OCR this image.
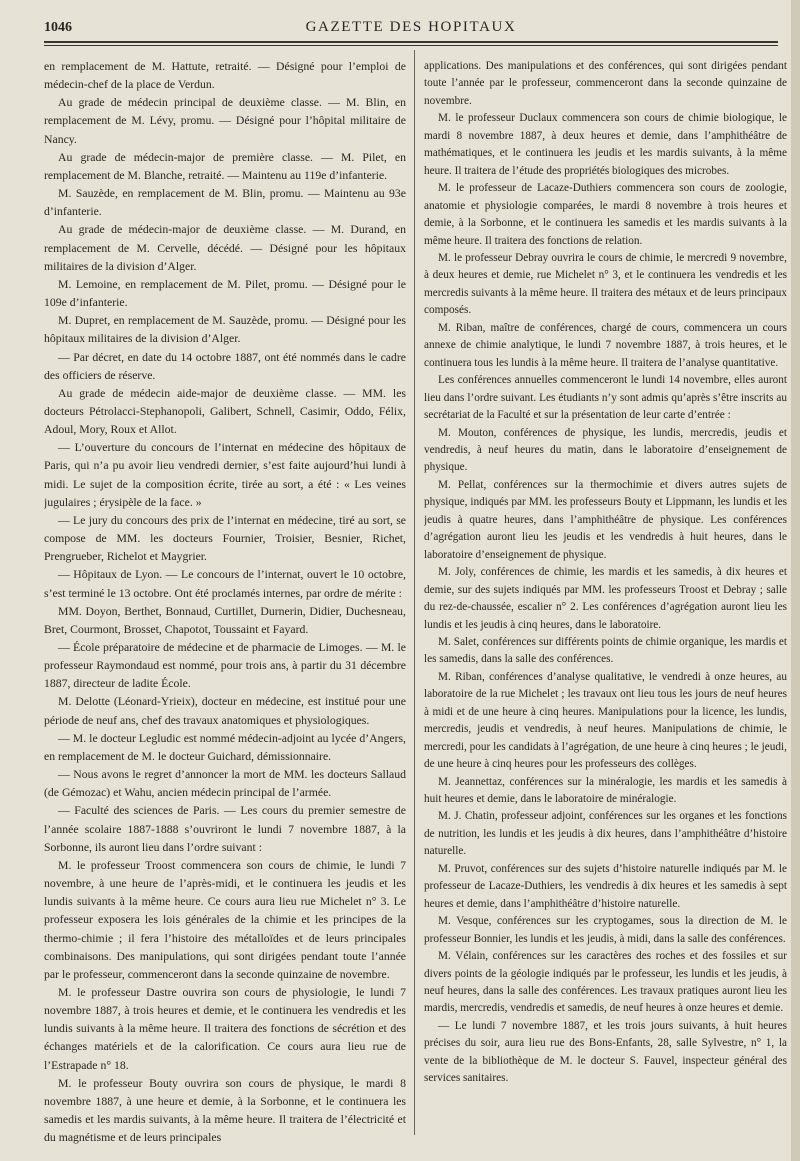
1046	GAZETTE DES HOPITAUX

en remplacement de M. Hattute, retraité. — Désigné pour l’emploi de médecin-chef de la place de Verdun.

Au grade de médecin principal de deuxième classe. — M. Blin, en remplacement de M. Lévy, promu. — Désigné pour l’hôpital militaire de Nancy.

Au grade de médecin-major de première classe. — M. Pilet, en remplacement de M. Blanche, retraité. — Maintenu au 119e d’infanterie.

M. Sauzède, en remplacement de M. Blin, promu. — Maintenu au 93e d’infanterie.

Au grade de médecin-major de deuxième classe. — M. Durand, en remplacement de M. Cervelle, décédé. — Désigné pour les hôpitaux militaires de la division d’Alger.

M. Lemoine, en remplacement de M. Pilet, promu. — Désigné pour le 109e d’infanterie.

M. Dupret, en remplacement de M. Sauzède, promu. — Désigné pour les hôpitaux militaires de la division d’Alger.

— Par décret, en date du 14 octobre 1887, ont été nommés dans le cadre des officiers de réserve.

Au grade de médecin aide-major de deuxième classe. — MM. les docteurs Pétrolacci-Stephanopoli, Galibert, Schnell, Casimir, Oddo, Félix, Adoul, Mory, Roux et Allot.

— L’ouverture du concours de l’internat en médecine des hôpitaux de Paris, qui n’a pu avoir lieu vendredi dernier, s’est faite aujourd’hui lundi à midi. Le sujet de la composition écrite, tirée au sort, a été : « Les veines jugulaires ; érysipèle de la face. »

— Le jury du concours des prix de l’internat en médecine, tiré au sort, se compose de MM. les docteurs Fournier, Troisier, Besnier, Richet, Prengrueber, Richelot et Maygrier.

— Hôpitaux de Lyon. — Le concours de l’internat, ouvert le 10 octobre, s’est terminé le 13 octobre. Ont été proclamés internes, par ordre de mérite :

MM. Doyon, Berthet, Bonnaud, Curtillet, Durnerin, Didier, Duchesneau, Bret, Courmont, Brosset, Chapotot, Toussaint et Fayard.

— École préparatoire de médecine et de pharmacie de Limoges. — M. le professeur Raymondaud est nommé, pour trois ans, à partir du 31 décembre 1887, directeur de ladite École.

M. Delotte (Léonard-Yrieix), docteur en médecine, est institué pour une période de neuf ans, chef des travaux anatomiques et physiologiques.

— M. le docteur Legludic est nommé médecin-adjoint au lycée d’Angers, en remplacement de M. le docteur Guichard, démissionnaire.

— Nous avons le regret d’annoncer la mort de MM. les docteurs Sallaud (de Gémozac) et Wahu, ancien médecin principal de l’armée.

— Faculté des sciences de Paris. — Les cours du premier semestre de l’année scolaire 1887-1888 s’ouvriront le lundi 7 novembre 1887, à la Sorbonne, ils auront lieu dans l’ordre suivant :

M. le professeur Troost commencera son cours de chimie, le lundi 7 novembre, à une heure de l’après-midi, et le continuera les jeudis et les lundis suivants à la même heure. Ce cours aura lieu rue Michelet n° 3. Le professeur exposera les lois générales de la chimie et les principes de la thermo-chimie ; il fera l’histoire des métalloïdes et de leurs principales combinaisons. Des manipulations, qui sont dirigées pendant toute l’année par le professeur, commenceront dans la seconde quinzaine de novembre.

M. le professeur Dastre ouvrira son cours de physiologie, le lundi 7 novembre 1887, à trois heures et demie, et le continuera les vendredis et les lundis suivants à la même heure. Il traitera des fonctions de sécrétion et des échanges matériels et de la calorification. Ce cours aura lieu rue de l’Estrapade n° 18.

M. le professeur Bouty ouvrira son cours de physique, le mardi 8 novembre 1887, à une heure et demie, à la Sorbonne, et le continuera les samedis et les mardis suivants, à la même heure. Il traitera de l’électricité et du magnétisme et de leurs principales

applications. Des manipulations et des conférences, qui sont dirigées pendant toute l’année par le professeur, commenceront dans la seconde quinzaine de novembre.

M. le professeur Duclaux commencera son cours de chimie biologique, le mardi 8 novembre 1887, à deux heures et demie, dans l’amphithéâtre de mathématiques, et le continuera les jeudis et les mardis suivants, à la même heure. Il traitera de l’étude des propriétés biologiques des microbes.

M. le professeur de Lacaze-Duthiers commencera son cours de zoologie, anatomie et physiologie comparées, le mardi 8 novembre à trois heures et demie, à la Sorbonne, et le continuera les samedis et les mardis suivants à la même heure. Il traitera des fonctions de relation.

M. le professeur Debray ouvrira le cours de chimie, le mercredi 9 novembre, à deux heures et demie, rue Michelet n° 3, et le continuera les vendredis et les mercredis suivants à la même heure. Il traitera des métaux et de leurs principaux composés.

M. Riban, maître de conférences, chargé de cours, commencera un cours annexe de chimie analytique, le lundi 7 novembre 1887, à trois heures, et le continuera tous les lundis à la même heure. Il traitera de l’analyse quantitative.

Les conférences annuelles commenceront le lundi 14 novembre, elles auront lieu dans l’ordre suivant. Les étudiants n’y sont admis qu’après s’être inscrits au secrétariat de la Faculté et sur la présentation de leur carte d’entrée :

M. Mouton, conférences de physique, les lundis, mercredis, jeudis et vendredis, à neuf heures du matin, dans le laboratoire d’enseignement de physique.

M. Pellat, conférences sur la thermochimie et divers autres sujets de physique, indiqués par MM. les professeurs Bouty et Lippmann, les lundis et les jeudis à quatre heures, dans l’amphithéâtre de physique. Les conférences d’agrégation auront lieu les jeudis et les vendredis à huit heures, dans le laboratoire d’enseignement de physique.

M. Joly, conférences de chimie, les mardis et les samedis, à dix heures et demie, sur des sujets indiqués par MM. les professeurs Troost et Debray ; salle du rez-de-chaussée, escalier n° 2. Les conférences d’agrégation auront lieu les lundis et les jeudis à cinq heures, dans le laboratoire.

M. Salet, conférences sur différents points de chimie organique, les mardis et les samedis, dans la salle des conférences.

M. Riban, conférences d’analyse qualitative, le vendredi à onze heures, au laboratoire de la rue Michelet ; les travaux ont lieu tous les jours de neuf heures à midi et de une heure à cinq heures. Manipulations pour la licence, les lundis, mercredis, jeudis et vendredis, à neuf heures. Manipulations de chimie, le mercredi, pour les candidats à l’agrégation, de une heure à cinq heures ; le jeudi, de une heure à cinq heures pour les professeurs des collèges.

M. Jeannettaz, conférences sur la minéralogie, les mardis et les samedis à huit heures et demie, dans le laboratoire de minéralogie.

M. J. Chatin, professeur adjoint, conférences sur les organes et les fonctions de nutrition, les lundis et les jeudis à dix heures, dans l’amphithéâtre d’histoire naturelle.

M. Pruvot, conférences sur des sujets d’histoire naturelle indiqués par M. le professeur de Lacaze-Duthiers, les vendredis à dix heures et les samedis à sept heures et demie, dans l’amphithéâtre d’histoire naturelle.

M. Vesque, conférences sur les cryptogames, sous la direction de M. le professeur Bonnier, les lundis et les jeudis, à midi, dans la salle des conférences.

M. Vélain, conférences sur les caractères des roches et des fossiles et sur divers points de la géologie indiqués par le professeur, les lundis et les jeudis, à neuf heures, dans la salle des conférences. Les travaux pratiques auront lieu les mardis, mercredis, vendredis et samedis, de neuf heures à onze heures et demie.

— Le lundi 7 novembre 1887, et les trois jours suivants, à huit heures précises du soir, aura lieu rue des Bons-Enfants, 28, salle Sylvestre, n° 1, la vente de la bibliothèque de M. le docteur S. Fauvel, inspecteur général des services sanitaires.
